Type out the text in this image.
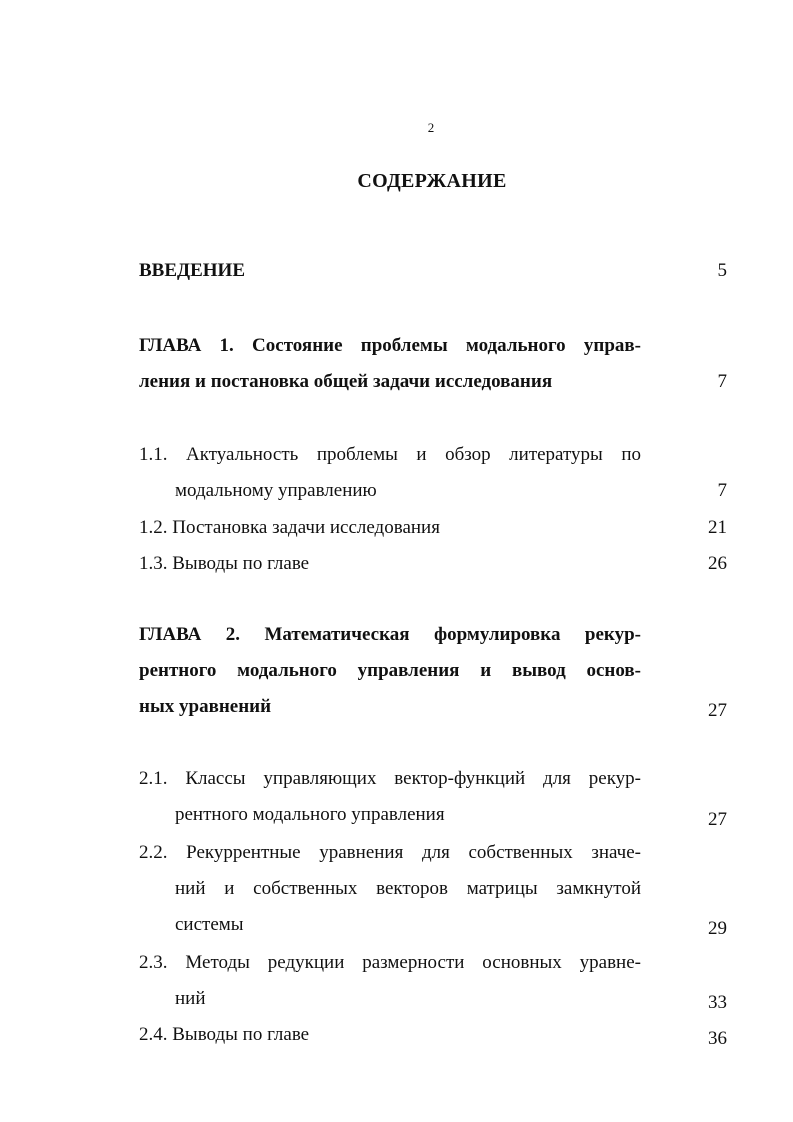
2
СОДЕРЖАНИЕ
ВВЕДЕНИЕ	5
ГЛАВА 1. Состояние проблемы модального управ-
ления и постановка общей задачи исследования	7
1.1. Актуальность проблемы и обзор литературы по
модальному управлению	7
1.2. Постановка задачи исследования	21
1.3. Выводы по главе	26
ГЛАВА 2. Математическая формулировка рекур-
рентного модального управления и вывод основ-
ных уравнений	27
2.1. Классы управляющих вектор-функций для рекур-
рентного модального управления	27
2.2. Рекуррентные уравнения для собственных значе-
ний и собственных векторов матрицы замкнутой
системы	29
2.3. Методы редукции размерности основных уравне-
ний	33
2.4. Выводы по главе	36
